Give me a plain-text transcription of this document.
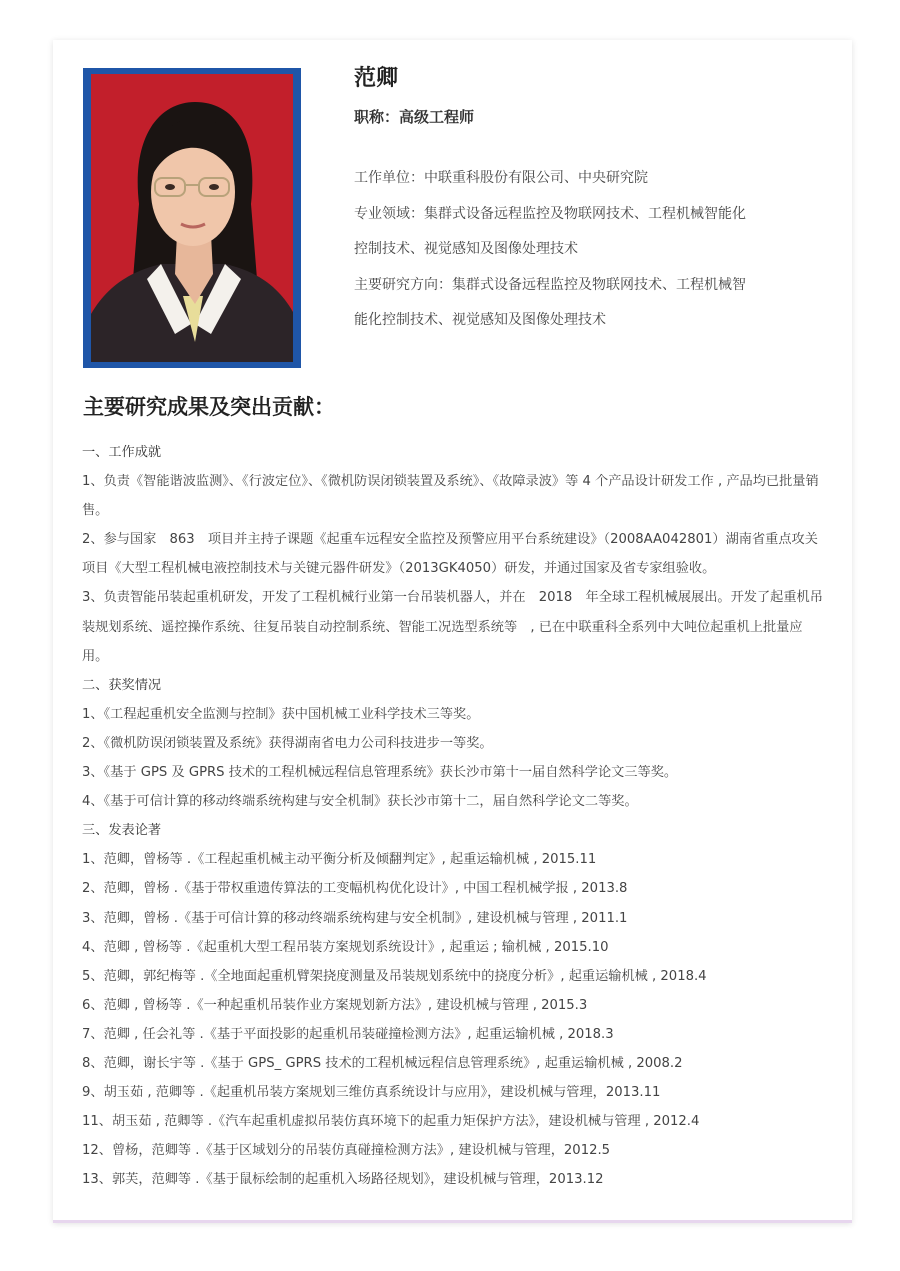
范卿
职称：高级工程师

工作单位：中联重科股份有限公司、中央研究院

专业领域：集群式设备远程监控及物联网技术、工程机械智能化

控制技术、视觉感知及图像处理技术

主要研究方向：集群式设备远程监控及物联网技术、工程机械智

能化控制技术、视觉感知及图像处理技术

主要研究成果及突出贡献：

一、工作成就

1、负责《智能谐波监测》、《行波定位》、《微机防误闭锁装置及系统》、《故障录波》等 4 个产品设计研发工作 , 产品均已批量销售。

2、参与国家　863　项目并主持子课题《起重车远程安全监控及预警应用平台系统建设》（2008AA042801）湖南省重点攻关项目《大型工程机械电液控制技术与关键元器件研发》（2013GK4050）研发，并通过国家及省专家组验收。

3、负责智能吊装起重机研发，开发了工程机械行业第一台吊装机器人，并在　2018　年全球工程机械展展出。开发了起重机吊装规划系统、遥控操作系统、往复吊装自动控制系统、智能工况选型系统等　, 已在中联重科全系列中大吨位起重机上批量应用。

二、获奖情况

1、《工程起重机安全监测与控制》获中国机械工业科学技术三等奖。

2、《微机防误闭锁装置及系统》获得湖南省电力公司科技进步一等奖。

3、《基于 GPS 及 GPRS 技术的工程机械远程信息管理系统》获长沙市第十一届自然科学论文三等奖。

4、《基于可信计算的移动终端系统构建与安全机制》获长沙市第十二，届自然科学论文二等奖。

三、发表论著

1、范卿，曾杨等 .《工程起重机械主动平衡分析及倾翻判定》, 起重运输机械 , 2015.11

2、范卿，曾杨 .《基于带权重遗传算法的工变幅机构优化设计》, 中国工程机械学报 , 2013.8

3、范卿，曾杨 .《基于可信计算的移动终端系统构建与安全机制》, 建设机械与管理 , 2011.1

4、范卿 , 曾杨等 .《起重机大型工程吊装方案规划系统设计》, 起重运 ; 输机械 , 2015.10

5、范卿，郭纪梅等 .《全地面起重机臂架挠度测量及吊装规划系统中的挠度分析》, 起重运输机械 , 2018.4

6、范卿 , 曾杨等 .《一种起重机吊装作业方案规划新方法》, 建设机械与管理 , 2015.3

7、范卿 , 任会礼等 .《基于平面投影的起重机吊装碰撞检测方法》, 起重运输机械 , 2018.3

8、范卿，谢长宇等 .《基于 GPS_ GPRS 技术的工程机械远程信息管理系统》, 起重运输机械 , 2008.2

9、胡玉茹 , 范卿等 .《起重机吊装方案规划三维仿真系统设计与应用》，建设机械与管理，2013.11

11、胡玉茹 , 范卿等 .《汽车起重机虚拟吊装仿真环境下的起重力矩保护方法》，建设机械与管理 , 2012.4

12、曾杨，范卿等 .《基于区域划分的吊装仿真碰撞检测方法》, 建设机械与管理，2012.5

13、郭芙，范卿等 .《基于鼠标绘制的起重机入场路径规划》，建设机械与管理，2013.12
